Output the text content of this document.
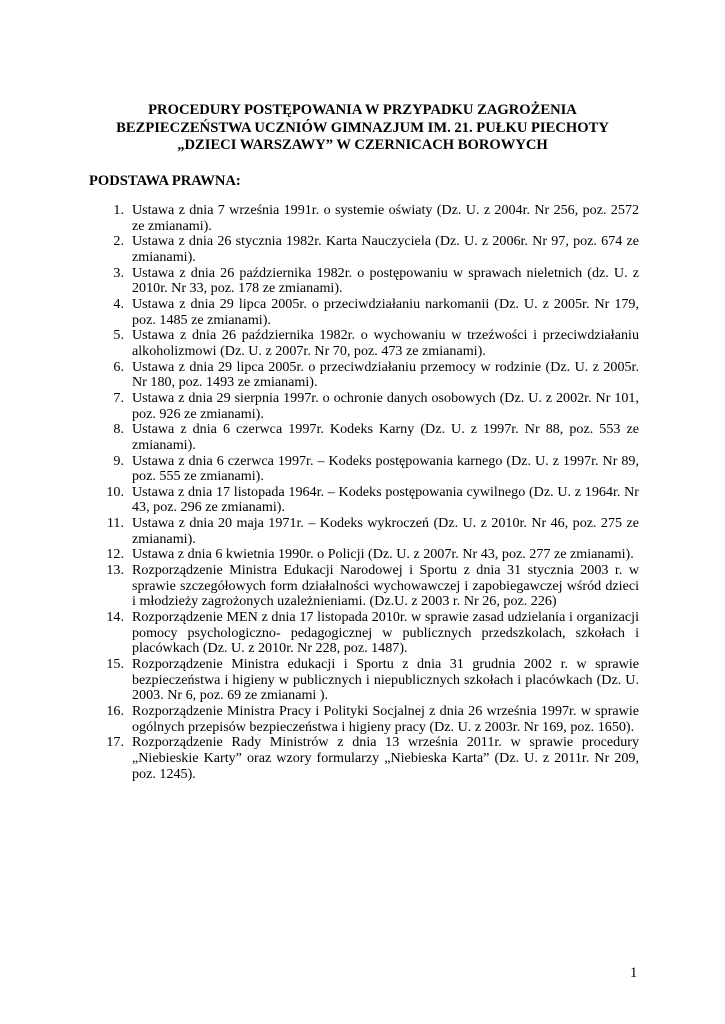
PROCEDURY POSTĘPOWANIA W PRZYPADKU ZAGROŻENIA
BEZPIECZEŃSTWA UCZNIÓW GIMNAZJUM IM. 21. PUŁKU PIECHOTY
„DZIECI WARSZAWY” W CZERNICACH BOROWYCH
PODSTAWA PRAWNA:
1. Ustawa z dnia 7 września 1991r. o systemie oświaty (Dz. U. z 2004r. Nr 256, poz. 2572 ze zmianami).
2. Ustawa z dnia 26 stycznia 1982r. Karta Nauczyciela (Dz. U. z 2006r. Nr 97, poz. 674 ze zmianami).
3. Ustawa z dnia 26 października 1982r. o postępowaniu w sprawach nieletnich (dz. U. z 2010r. Nr 33, poz. 178 ze zmianami).
4. Ustawa z dnia 29 lipca 2005r. o przeciwdziałaniu narkomanii (Dz. U. z 2005r. Nr 179, poz. 1485 ze zmianami).
5. Ustawa z dnia 26 października 1982r. o wychowaniu w trzeźwości i przeciwdziałaniu alkoholizmowi (Dz. U. z 2007r. Nr 70, poz. 473 ze zmianami).
6. Ustawa z dnia 29 lipca 2005r. o przeciwdziałaniu przemocy w rodzinie (Dz. U. z 2005r. Nr 180, poz. 1493 ze zmianami).
7. Ustawa z dnia 29 sierpnia 1997r. o ochronie danych osobowych (Dz. U. z 2002r. Nr 101, poz. 926 ze zmianami).
8. Ustawa z dnia 6 czerwca 1997r. Kodeks Karny (Dz. U. z 1997r. Nr 88, poz. 553 ze zmianami).
9. Ustawa z dnia 6 czerwca 1997r. – Kodeks postępowania karnego (Dz. U. z 1997r. Nr 89, poz. 555 ze zmianami).
10. Ustawa z dnia 17 listopada 1964r. – Kodeks postępowania cywilnego (Dz. U. z 1964r. Nr 43, poz. 296 ze zmianami).
11. Ustawa z dnia 20 maja 1971r. – Kodeks wykroczeń (Dz. U. z 2010r. Nr 46, poz. 275 ze zmianami).
12. Ustawa z dnia 6 kwietnia 1990r. o Policji (Dz. U. z 2007r. Nr 43, poz. 277 ze zmianami).
13. Rozporządzenie Ministra Edukacji Narodowej i Sportu z dnia 31 stycznia 2003 r. w sprawie szczegółowych form działalności wychowawczej i zapobiegawczej wśród dzieci i młodzieży zagrożonych uzależnieniami. (Dz.U. z 2003 r. Nr 26, poz. 226)
14. Rozporządzenie MEN z dnia 17 listopada 2010r. w sprawie zasad udzielania i organizacji pomocy psychologiczno- pedagogicznej w publicznych przedszkolach, szkołach i placówkach (Dz. U. z 2010r. Nr 228, poz. 1487).
15. Rozporządzenie Ministra edukacji i Sportu z dnia 31 grudnia 2002 r. w sprawie bezpieczeństwa i higieny w publicznych i niepublicznych szkołach i placówkach (Dz. U. 2003. Nr 6, poz. 69 ze zmianami ).
16. Rozporządzenie Ministra Pracy i Polityki Socjalnej z dnia 26 września 1997r. w sprawie ogólnych przepisów bezpieczeństwa i higieny pracy (Dz. U. z 2003r. Nr 169, poz. 1650).
17. Rozporządzenie Rady Ministrów z dnia 13 września 2011r. w sprawie procedury „Niebieskie Karty” oraz wzory formularzy „Niebieska Karta” (Dz. U. z 2011r. Nr 209, poz. 1245).
1
